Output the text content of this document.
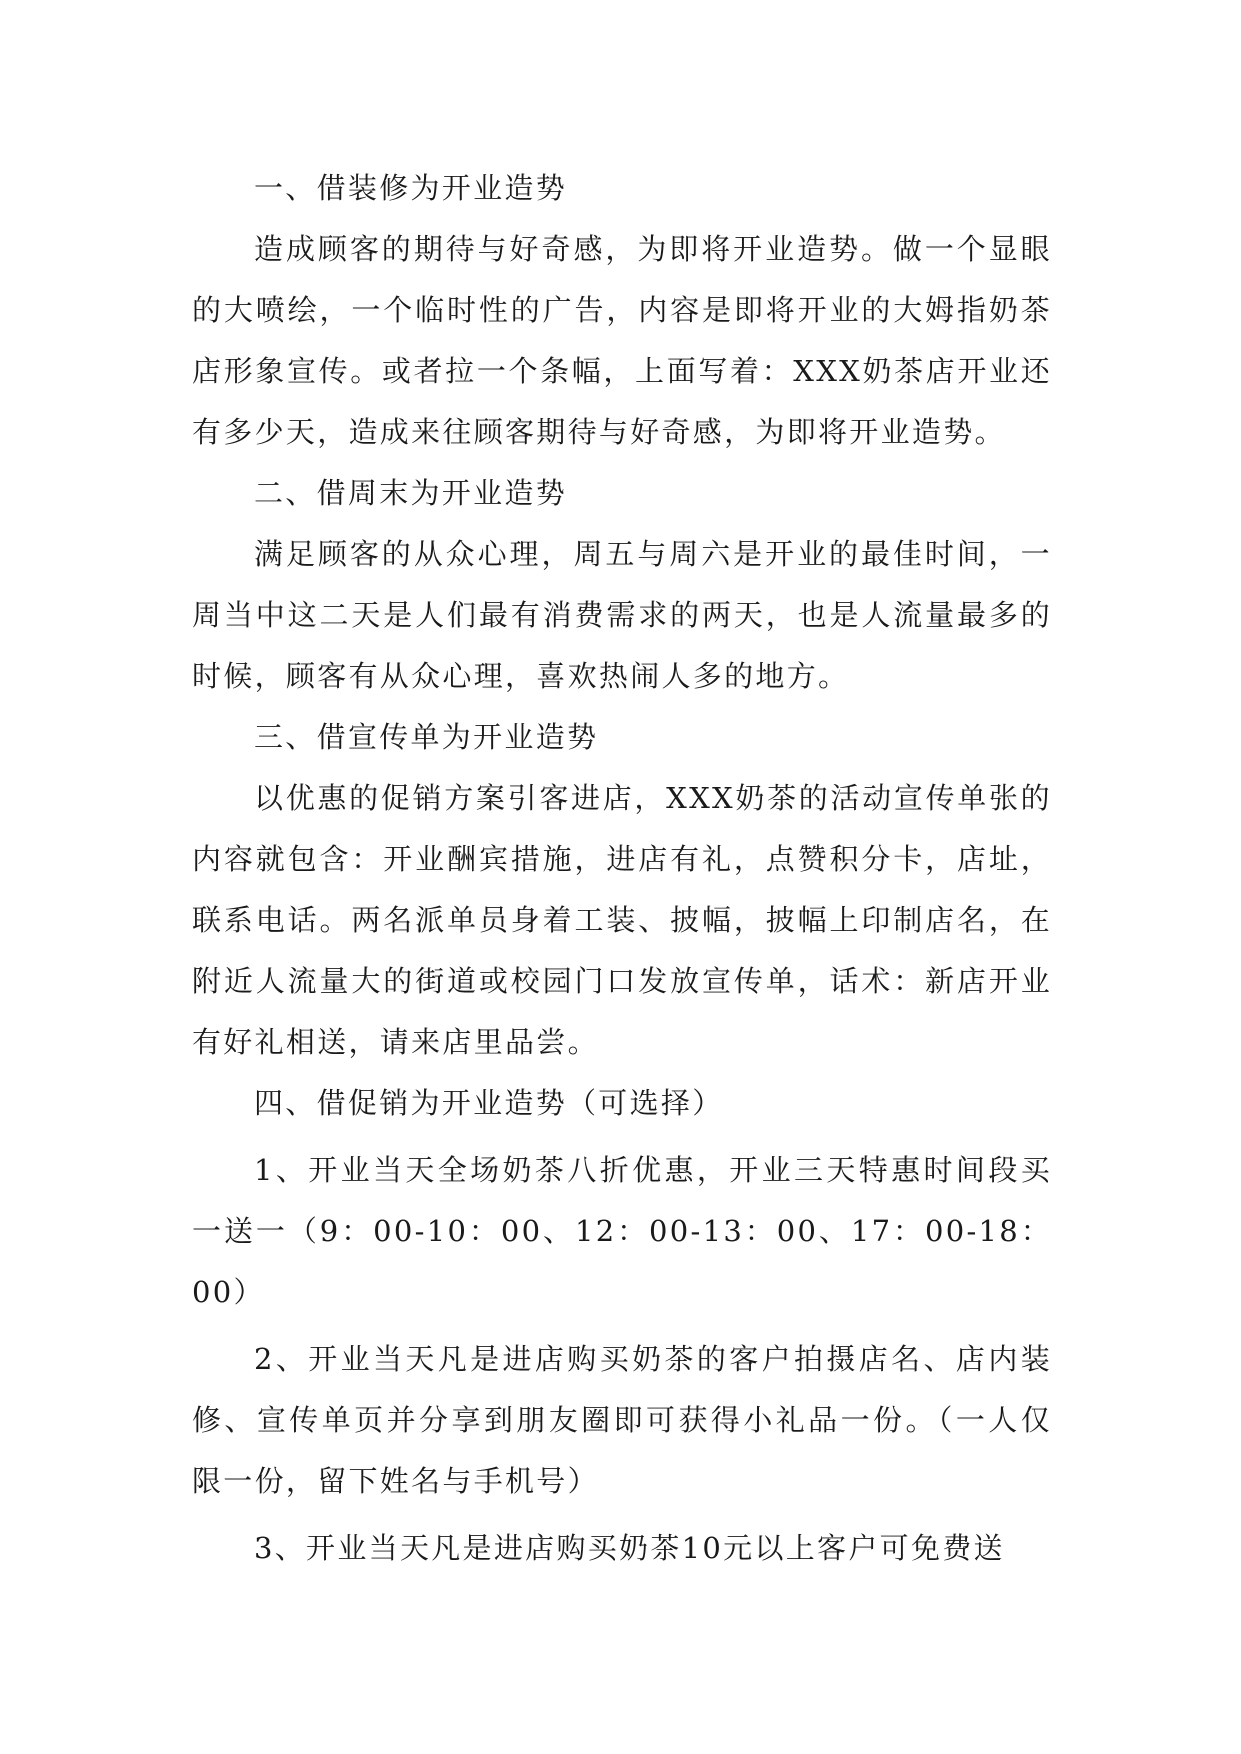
一、借装修为开业造势

造成顾客的期待与好奇感，为即将开业造势。做一个显眼的大喷绘，一个临时性的广告，内容是即将开业的大姆指奶茶店形象宣传。或者拉一个条幅，上面写着：XXX奶茶店开业还有多少天，造成来往顾客期待与好奇感，为即将开业造势。

二、借周末为开业造势

满足顾客的从众心理，周五与周六是开业的最佳时间，一周当中这二天是人们最有消费需求的两天，也是人流量最多的时候，顾客有从众心理，喜欢热闹人多的地方。

三、借宣传单为开业造势

以优惠的促销方案引客进店，XXX奶茶的活动宣传单张的内容就包含：开业酬宾措施，进店有礼，点赞积分卡，店址，联系电话。两名派单员身着工装、披幅，披幅上印制店名，在附近人流量大的街道或校园门口发放宣传单，话术：新店开业有好礼相送，请来店里品尝。

四、借促销为开业造势（可选择）

1、开业当天全场奶茶八折优惠，开业三天特惠时间段买一送一（9：00-10：00、12：00-13：00、17：00-18：00）

2、开业当天凡是进店购买奶茶的客户拍摄店名、店内装修、宣传单页并分享到朋友圈即可获得小礼品一份。（一人仅限一份，留下姓名与手机号）

3、开业当天凡是进店购买奶茶10元以上客户可免费送
